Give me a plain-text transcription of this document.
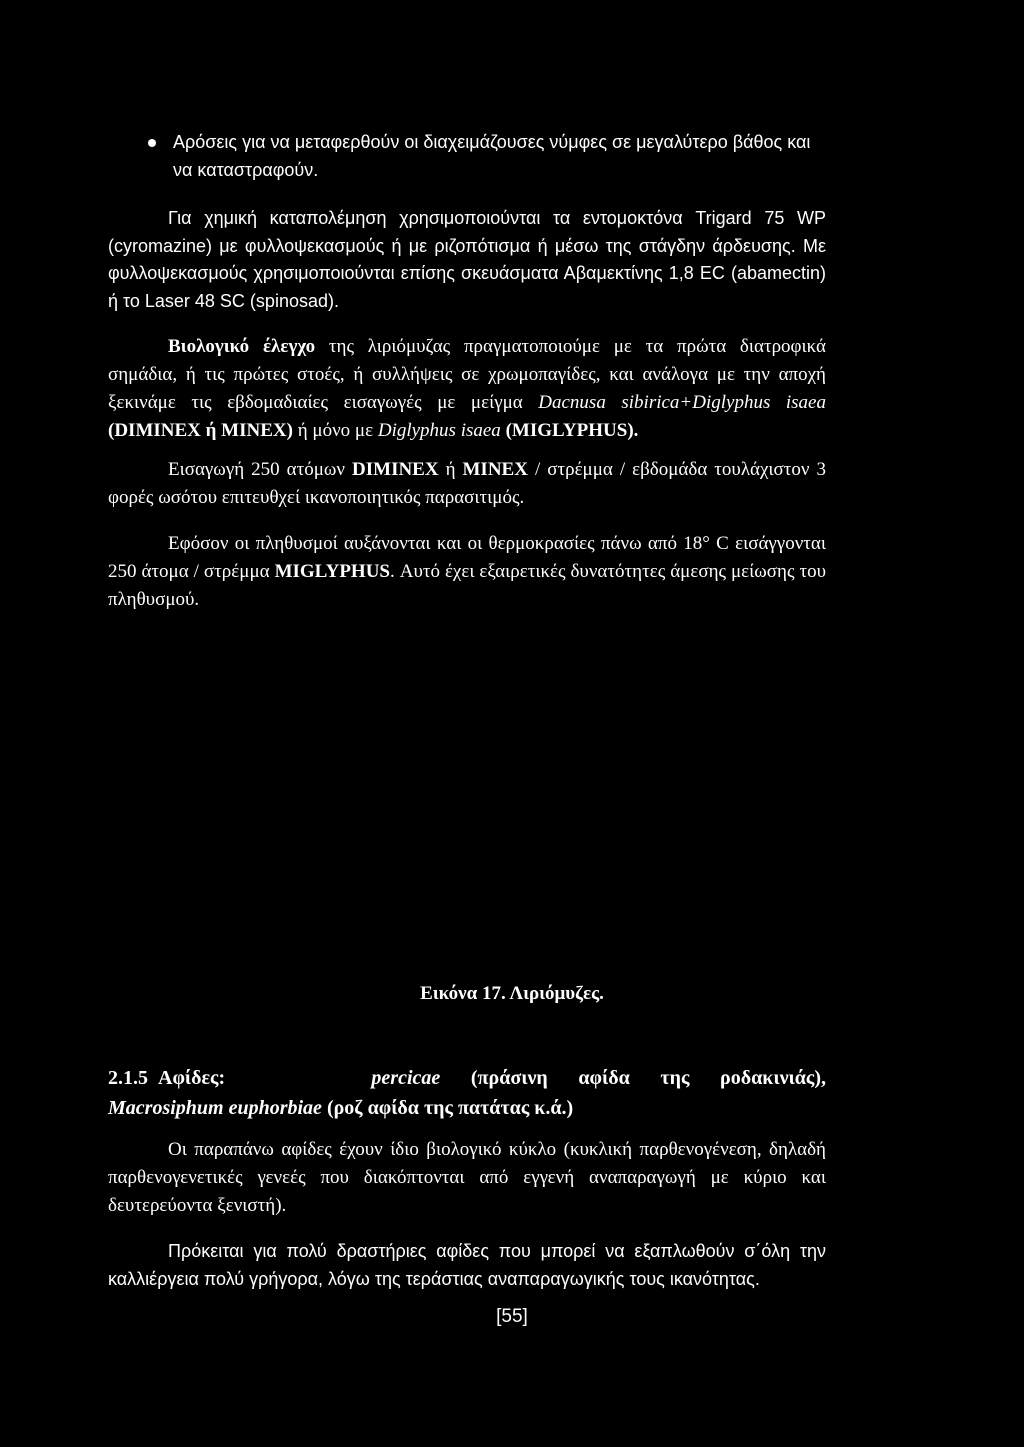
Αρόσεις για να μεταφερθούν οι διαχειμάζουσες νύμφες σε μεγαλύτερο βάθος και να καταστραφούν.

Για χημική καταπολέμηση χρησιμοποιούνται τα εντομοκτόνα Trigard 75 WP (cyromazine) με φυλλοψεκασμούς ή με ριζοπότισμα ή μέσω της στάγδην άρδευσης. Με φυλλοψεκασμούς χρησιμοποιούνται επίσης σκευάσματα Αβαμεκτίνης 1,8 EC (abamectin) ή το Laser 48 SC (spinosad).

Βιολογικό έλεγχο της λιριόμυζας πραγματοποιούμε με τα πρώτα διατροφικά σημάδια, ή τις πρώτες στοές, ή συλλήψεις σε χρωμοπαγίδες, και ανάλογα με την αποχή ξεκινάμε τις εβδομαδιαίες εισαγωγές με μείγμα Dacnusa sibirica+Diglyphus isaea (DIMINEX ή MINEX) ή μόνο με Diglyphus isaea (MIGLYPHUS).

Εισαγωγή 250 ατόμων DIMINEX ή MINEX / στρέμμα / εβδομάδα τουλάχιστον 3 φορές ωσότου επιτευθχεί ικανοποιητικός παρασιτιμός.

Εφόσον οι πληθυσμοί αυξάνονται και οι θερμοκρασίες πάνω από 18° C εισάγγονται 250 άτομα / στρέμμα MIGLYPHUS. Αυτό έχει εξαιρετικές δυνατότητες άμεσης μείωσης του πληθυσμού.

Εικόνα 17. Λιριόμυζες.
2.1.5 Αφίδες:	percicae (πράσινη αφίδα της ροδακινιάς),
Macrosiphum euphorbiae (ρoζ αφίδα της πατάτας κ.ά.)

Οι παραπάνω αφίδες έχουν ίδιο βιολογικό κύκλο (κυκλική παρθενογένεση, δηλαδή παρθενογενετικές γενεές που διακόπτονται από εγγενή αναπαραγωγή με κύριο και δευτερεύοντα ξενιστή).

Πρόκειται για πολύ δραστήριες αφίδες που μπορεί να εξαπλωθούν σ΄όλη την καλλιέργεια πολύ γρήγορα, λόγω της τεράστιας αναπαραγωγικής τους ικανότητας.

[55]
